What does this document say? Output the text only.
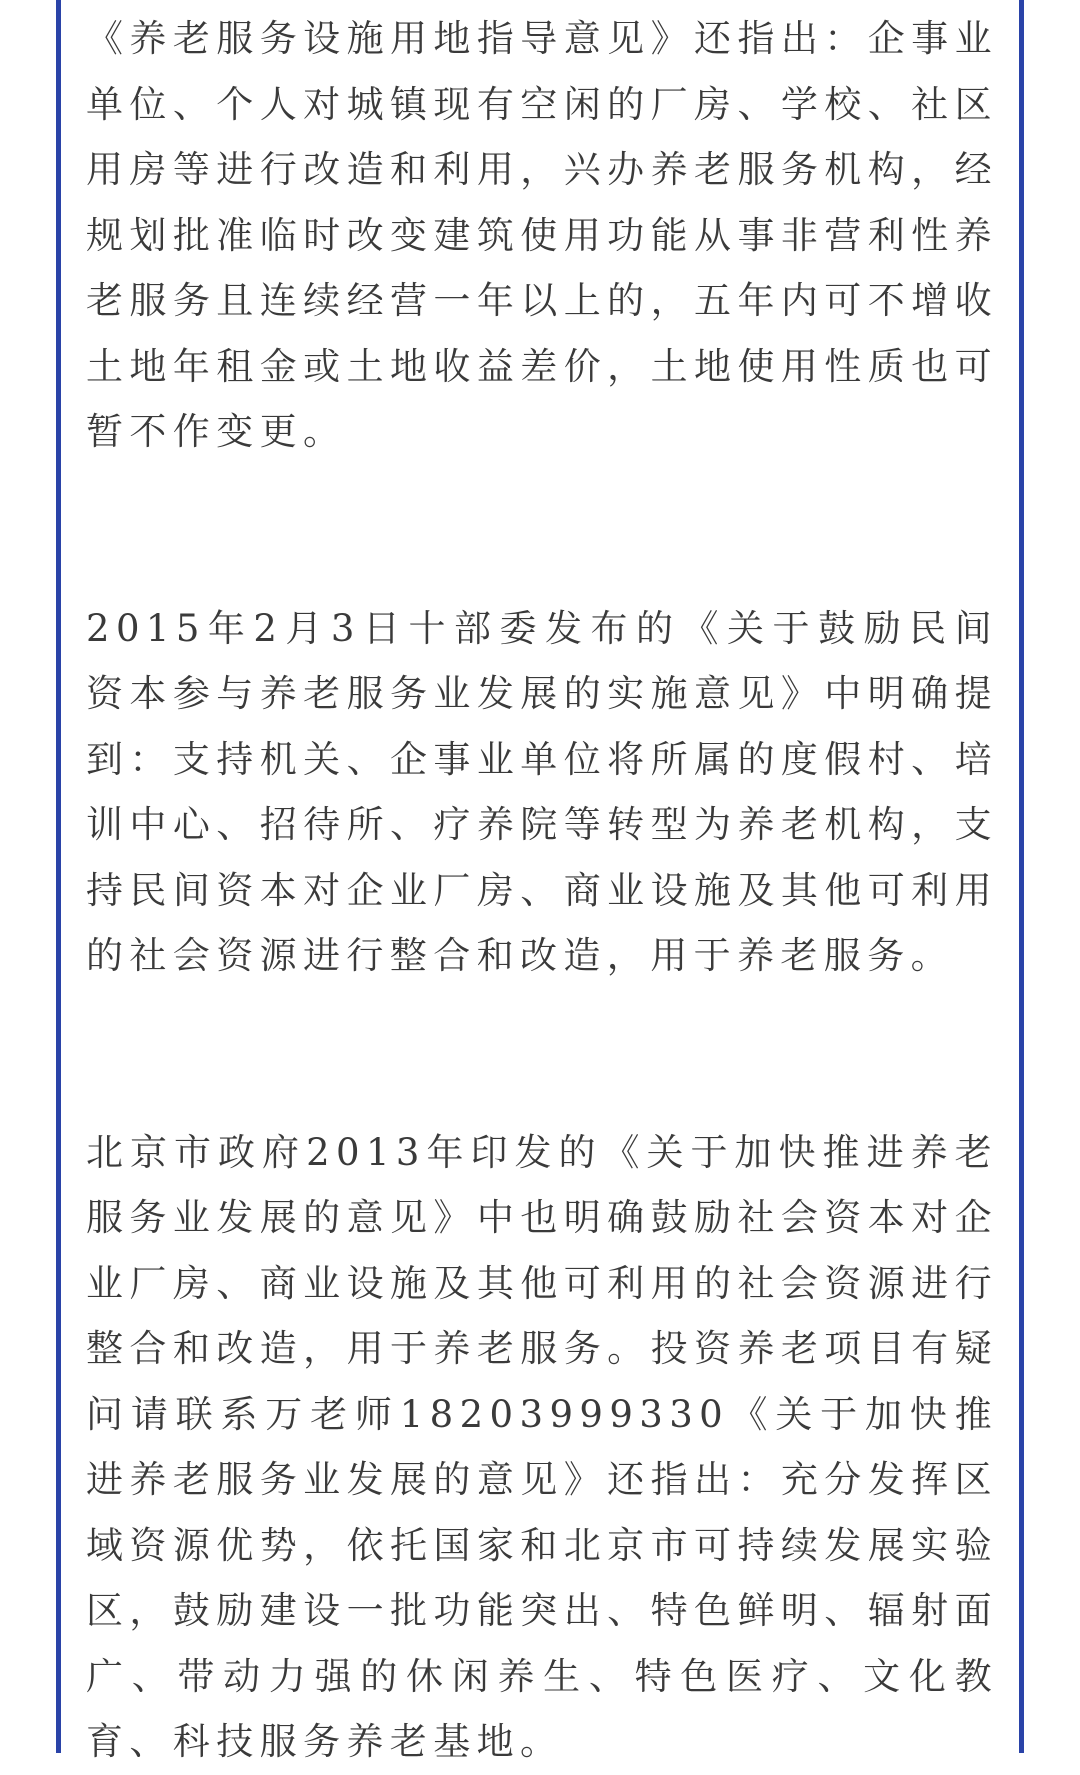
《养老服务设施用地指导意见》还指出：企事业单位、个人对城镇现有空闲的厂房、学校、社区用房等进行改造和利用，兴办养老服务机构，经规划批准临时改变建筑使用功能从事非营利性养老服务且连续经营一年以上的，五年内可不增收土地年租金或土地收益差价，土地使用性质也可暂不作变更。

2015年2月3日十部委发布的《关于鼓励民间资本参与养老服务业发展的实施意见》中明确提到：支持机关、企事业单位将所属的度假村、培训中心、招待所、疗养院等转型为养老机构，支持民间资本对企业厂房、商业设施及其他可利用的社会资源进行整合和改造，用于养老服务。

北京市政府2013年印发的《关于加快推进养老服务业发展的意见》中也明确鼓励社会资本对企业厂房、商业设施及其他可利用的社会资源进行整合和改造，用于养老服务。投资养老项目有疑问请联系万老师18203999330《关于加快推进养老服务业发展的意见》还指出：充分发挥区域资源优势，依托国家和北京市可持续发展实验区，鼓励建设一批功能突出、特色鲜明、辐射面广、带动力强的休闲养生、特色医疗、文化教育、科技服务养老基地。
